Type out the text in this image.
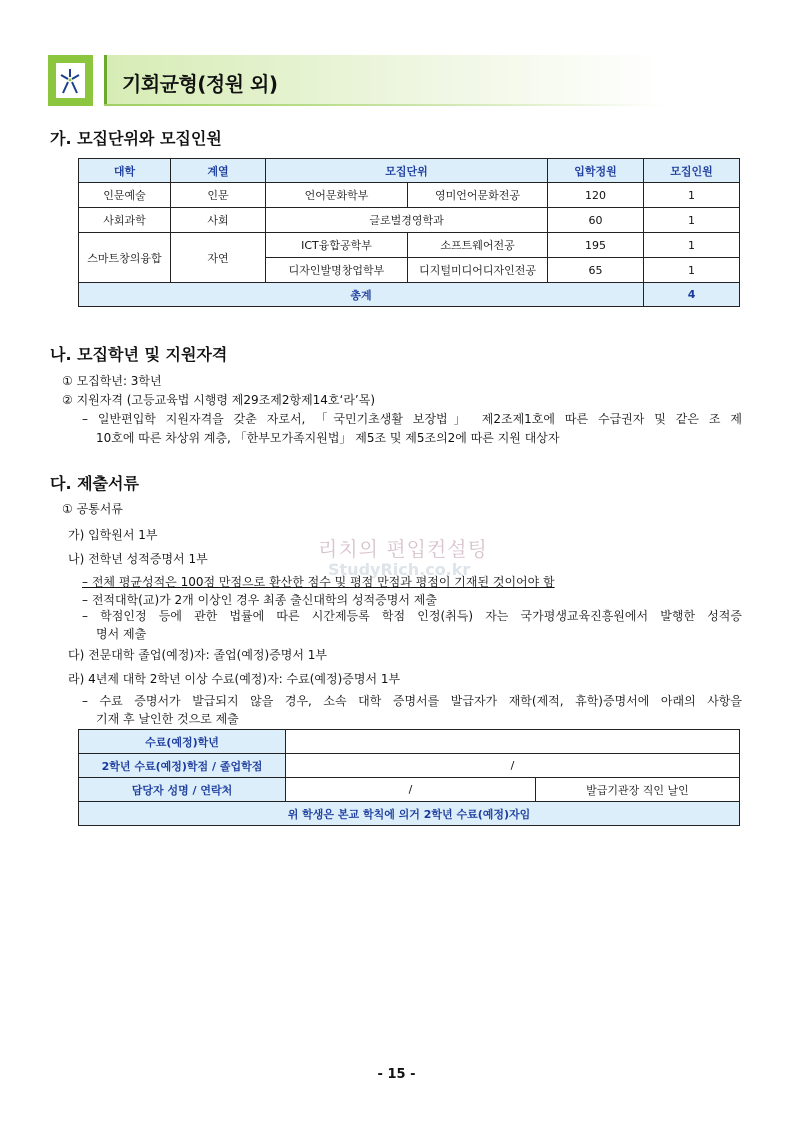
기회균형(정원 외)
가. 모집단위와 모집인원
대학	계열	모집단위		입학정원	모집인원
인문예술	인문	언어문화학부	영미언어문화전공	120	1
사회과학	사회	글로벌경영학과		60	1
스마트창의융합	자연	ICT융합공학부	소프트웨어전공	195	1
		디자인발명창업학부	디지털미디어디자인전공	65	1
총계					4
나. 모집학년 및 지원자격
① 모집학년: 3학년
② 지원자격 (고등교육법 시행령 제29조제2항제14호‘라’목)
– 일반편입학 지원자격을 갖춘 자로서, 「국민기초생활 보장법」 제2조제1호에 따른 수급권자 및 같은 조 제
10호에 따른 차상위 계층, 「한부모가족지원법」 제5조 및 제5조의2에 따른 지원 대상자
다. 제출서류
① 공통서류
가) 입학원서 1부
나) 전학년 성적증명서 1부
– 전체 평균성적은 100점 만점으로 환산한 점수 및 평점 만점과 평점이 기재된 것이어야 함
– 전적대학(교)가 2개 이상인 경우 최종 출신대학의 성적증명서 제출
– 학점인정 등에 관한 법률에 따른 시간제등록 학점 인정(취득) 자는 국가평생교육진흥원에서 발행한 성적증
명서 제출
다) 전문대학 졸업(예정)자: 졸업(예정)증명서 1부
라) 4년제 대학 2학년 이상 수료(예정)자: 수료(예정)증명서 1부
– 수료 증명서가 발급되지 않을 경우, 소속 대학 증명서를 발급자가 재학(제적, 휴학)증명서에 아래의 사항을
기재 후 날인한 것으로 제출
리치의 편입컨설팅
StudyRich.co.kr
수료(예정)학년		
2학년 수료(예정)학점 / 졸업학점	/	
담당자 성명 / 연락처	/	발급기관장 직인 날인
위 학생은 본교 학칙에 의거 2학년 수료(예정)자임		
- 15 -
